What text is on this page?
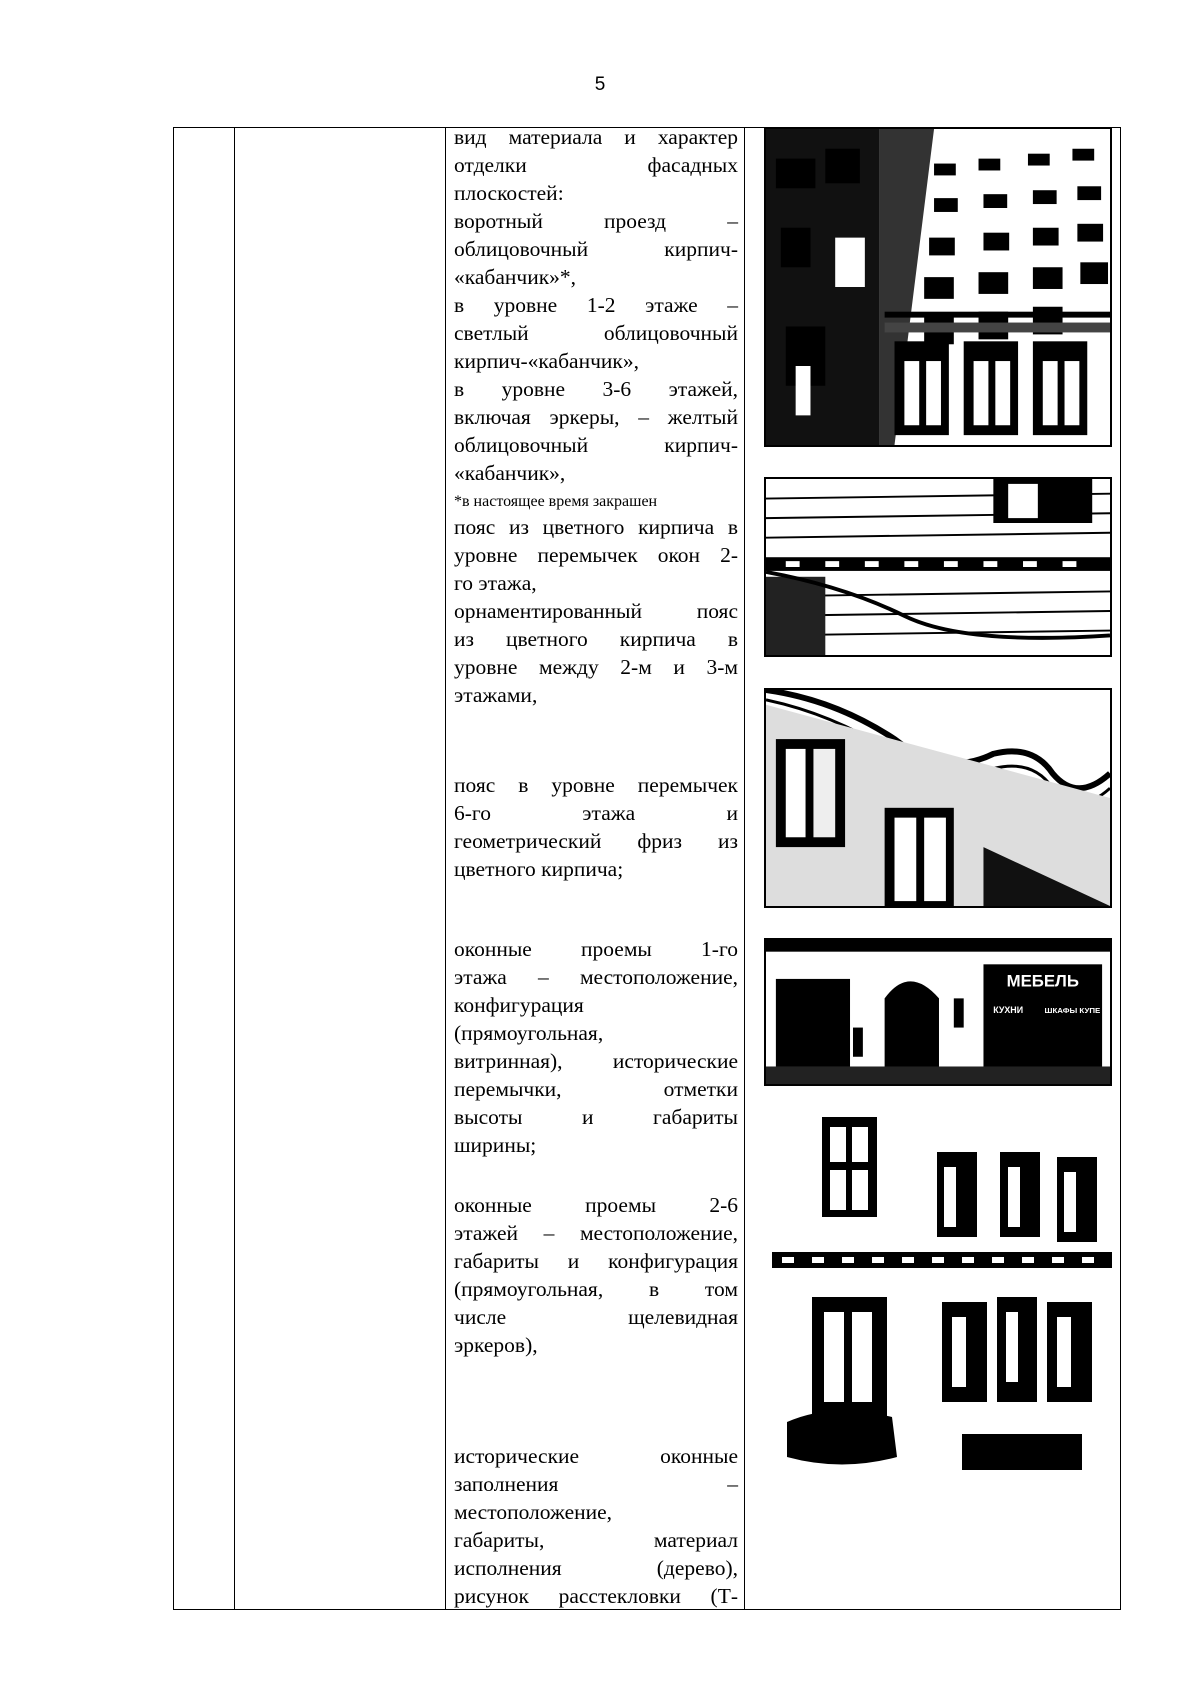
5

вид материала и характер

отделки фасадных

плоскостей:

воротный проезд –

облицовочный кирпич-

«кабанчик»*,

в уровне 1-2 этаже –

светлый облицовочный

кирпич-«кабанчик»,

в уровне 3-6 этажей,

включая эркеры, – желтый

облицовочный кирпич-

«кабанчик»,

*в настоящее время закрашен

пояс из цветного кирпича в

уровне перемычек окон 2-

го этажа,

орнаментированный пояс

из цветного кирпича в

уровне между 2-м и 3-м

этажами,

пояс в уровне перемычек

6-го этажа и

геометрический фриз из

цветного кирпича;

оконные проемы 1-го

этажа – местоположение,

конфигурация

(прямоугольная,

витринная), исторические

перемычки, отметки

высоты и габариты

ширины;

оконные проемы 2-6

этажей – местоположение,

габариты и конфигурация

(прямоугольная, в том

числе щелевидная

эркеров),

исторические оконные

заполнения –

местоположение,

габариты, материал

исполнения (дерево),

рисунок расстекловки (Т-

МЕБЕЛЬ
КУХНИ	ШКАФЫ КУПЕ
